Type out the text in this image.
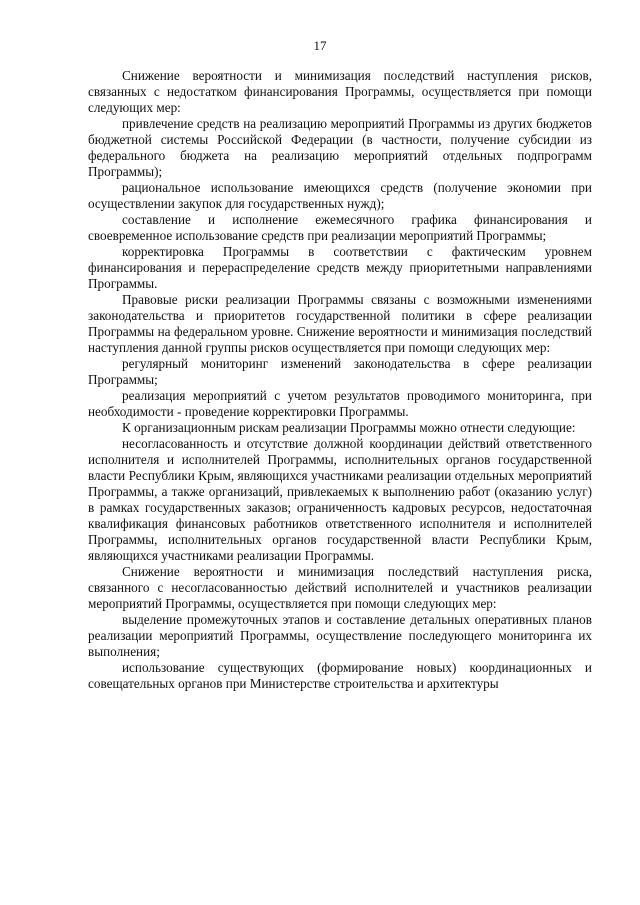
17

Снижение вероятности и минимизация последствий наступления рисков, связанных с недостатком финансирования Программы, осуществляется при помощи следующих мер:

привлечение средств на реализацию мероприятий Программы из других бюджетов бюджетной системы Российской Федерации (в частности, получение субсидии из федерального бюджета на реализацию мероприятий отдельных подпрограмм Программы);

рациональное использование имеющихся средств (получение экономии при осуществлении закупок для государственных нужд);

составление и исполнение ежемесячного графика финансирования и своевременное использование средств при реализации мероприятий Программы;

корректировка Программы в соответствии с фактическим уровнем финансирования и перераспределение средств между приоритетными направлениями Программы.

Правовые риски реализации Программы связаны с возможными изменениями законодательства и приоритетов государственной политики в сфере реализации Программы на федеральном уровне. Снижение вероятности и минимизация последствий наступления данной группы рисков осуществляется при помощи следующих мер:

регулярный мониторинг изменений законодательства в сфере реализации Программы;

реализация мероприятий с учетом результатов проводимого мониторинга, при необходимости - проведение корректировки Программы.

К организационным рискам реализации Программы можно отнести следующие:

несогласованность и отсутствие должной координации действий ответственного исполнителя и исполнителей Программы, исполнительных органов государственной власти Республики Крым, являющихся участниками реализации отдельных мероприятий Программы, а также организаций, привлекаемых к выполнению работ (оказанию услуг) в рамках государственных заказов; ограниченность кадровых ресурсов, недостаточная квалификация финансовых работников ответственного исполнителя и исполнителей Программы, исполнительных органов государственной власти Республики Крым, являющихся участниками реализации Программы.

Снижение вероятности и минимизация последствий наступления риска, связанного с несогласованностью действий исполнителей и участников реализации мероприятий Программы, осуществляется при помощи следующих мер:

выделение промежуточных этапов и составление детальных оперативных планов реализации мероприятий Программы, осуществление последующего мониторинга их выполнения;

использование существующих (формирование новых) координационных и совещательных органов при Министерстве строительства и архитектуры
